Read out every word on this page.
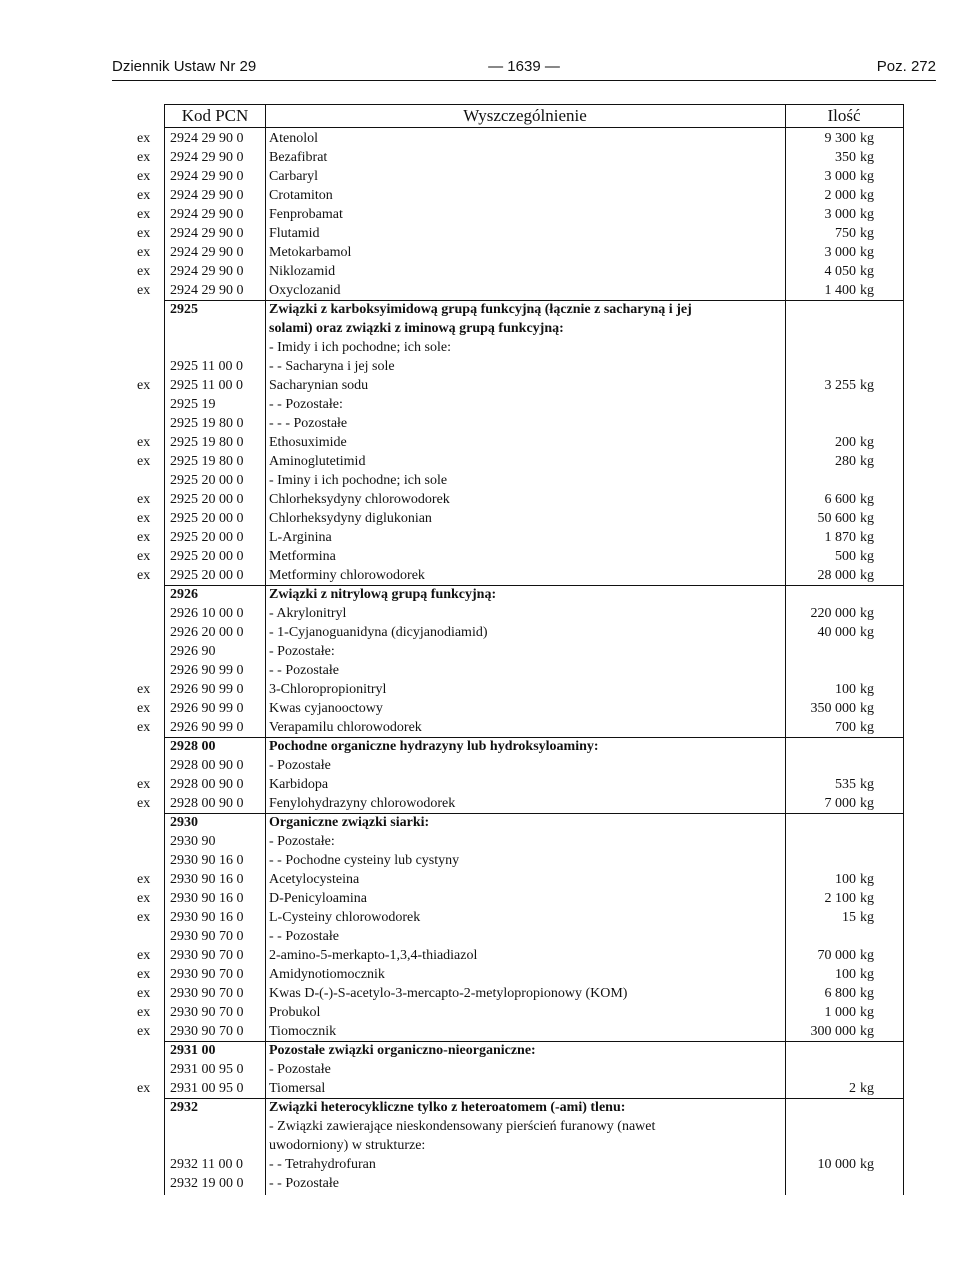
Dziennik Ustaw Nr 29	— 1639 —	Poz. 272
Kod PCN	Wyszczególnienie	Ilość
ex	2924 29 90 0	Atenolol	9 300 kg
ex	2924 29 90 0	Bezafibrat	350 kg
ex	2924 29 90 0	Carbaryl	3 000 kg
ex	2924 29 90 0	Crotamiton	2 000 kg
ex	2924 29 90 0	Fenprobamat	3 000 kg
ex	2924 29 90 0	Flutamid	750 kg
ex	2924 29 90 0	Metokarbamol	3 000 kg
ex	2924 29 90 0	Niklozamid	4 050 kg
ex	2924 29 90 0	Oxyclozanid	1 400 kg
2925	Związki z karboksyimidową grupą funkcyjną (łącznie z sacharyną i jej
solami) oraz związki z iminową grupą funkcyjną:
- Imidy i ich pochodne; ich sole:
2925 11 00 0	- - Sacharyna i jej sole
ex	2925 11 00 0	Sacharynian sodu	3 255 kg
2925 19	- - Pozostałe:
2925 19 80 0	- - - Pozostałe
ex	2925 19 80 0	Ethosuximide	200 kg
ex	2925 19 80 0	Aminoglutetimid	280 kg
2925 20 00 0	- Iminy i ich pochodne; ich sole
ex	2925 20 00 0	Chlorheksydyny chlorowodorek	6 600 kg
ex	2925 20 00 0	Chlorheksydyny diglukonian	50 600 kg
ex	2925 20 00 0	L-Arginina	1 870 kg
ex	2925 20 00 0	Metformina	500 kg
ex	2925 20 00 0	Metforminy chlorowodorek	28 000 kg
2926	Związki z nitrylową grupą funkcyjną:
2926 10 00 0	- Akrylonitryl	220 000 kg
2926 20 00 0	- 1-Cyjanoguanidyna (dicyjanodiamid)	40 000 kg
2926 90	- Pozostałe:
2926 90 99 0	- - Pozostałe
ex	2926 90 99 0	3-Chloropropionitryl	100 kg
ex	2926 90 99 0	Kwas cyjanooctowy	350 000 kg
ex	2926 90 99 0	Verapamilu chlorowodorek	700 kg
2928 00	Pochodne organiczne hydrazyny lub hydroksyloaminy:
2928 00 90 0	- Pozostałe
ex	2928 00 90 0	Karbidopa	535 kg
ex	2928 00 90 0	Fenylohydrazyny chlorowodorek	7 000 kg
2930	Organiczne związki siarki:
2930 90	- Pozostałe:
2930 90 16 0	- - Pochodne cysteiny lub cystyny
ex	2930 90 16 0	Acetylocysteina	100 kg
ex	2930 90 16 0	D-Penicyloamina	2 100 kg
ex	2930 90 16 0	L-Cysteiny chlorowodorek	15 kg
2930 90 70 0	- - Pozostałe
ex	2930 90 70 0	2-amino-5-merkapto-1,3,4-thiadiazol	70 000 kg
ex	2930 90 70 0	Amidynotiomocznik	100 kg
ex	2930 90 70 0	Kwas D-(-)-S-acetylo-3-mercapto-2-metylopropionowy (KOM)	6 800 kg
ex	2930 90 70 0	Probukol	1 000 kg
ex	2930 90 70 0	Tiomocznik	300 000 kg
2931 00	Pozostałe związki organiczno-nieorganiczne:
2931 00 95 0	- Pozostałe
ex	2931 00 95 0	Tiomersal	2 kg
2932	Związki heterocykliczne tylko z heteroatomem (-ami) tlenu:
- Związki zawierające nieskondensowany pierścień furanowy (nawet
uwodorniony) w strukturze:
2932 11 00 0	- - Tetrahydrofuran	10 000 kg
2932 19 00 0	- - Pozostałe
